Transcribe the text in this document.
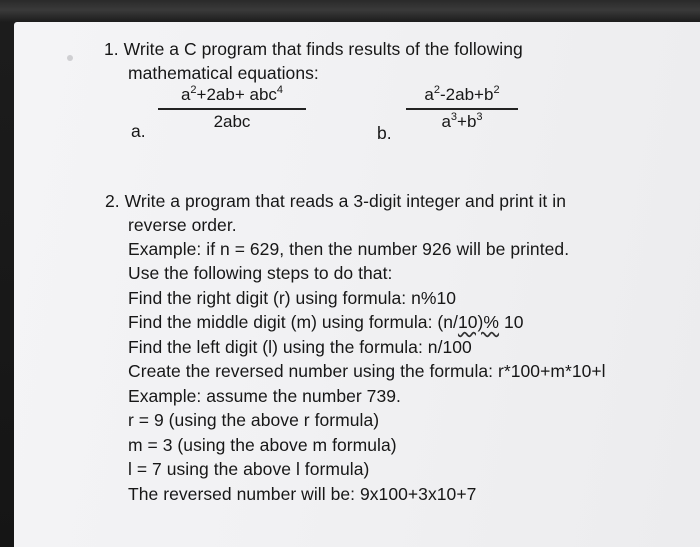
1. Write a C program that finds results of the following
mathematical equations:
$a^2+2ab+ abc^4$
2abc
a.
$a^2-2ab+b^2$
$a^3+b^3$
b.
2. Write a program that reads a 3-digit integer and print it in
reverse order.
Example: if n = 629, then the number 926 will be printed.
Use the following steps to do that:
Find the right digit (r) using formula: n%10
Find the middle digit (m) using formula: (n/10)% 10
Find the left digit (l) using the formula: n/100
Create the reversed number using the formula: r*100+m*10+l
Example: assume the number 739.
r = 9 (using the above r formula)
m = 3 (using the above m formula)
l = 7 using the above l formula)
The reversed number will be: 9x100+3x10+7
